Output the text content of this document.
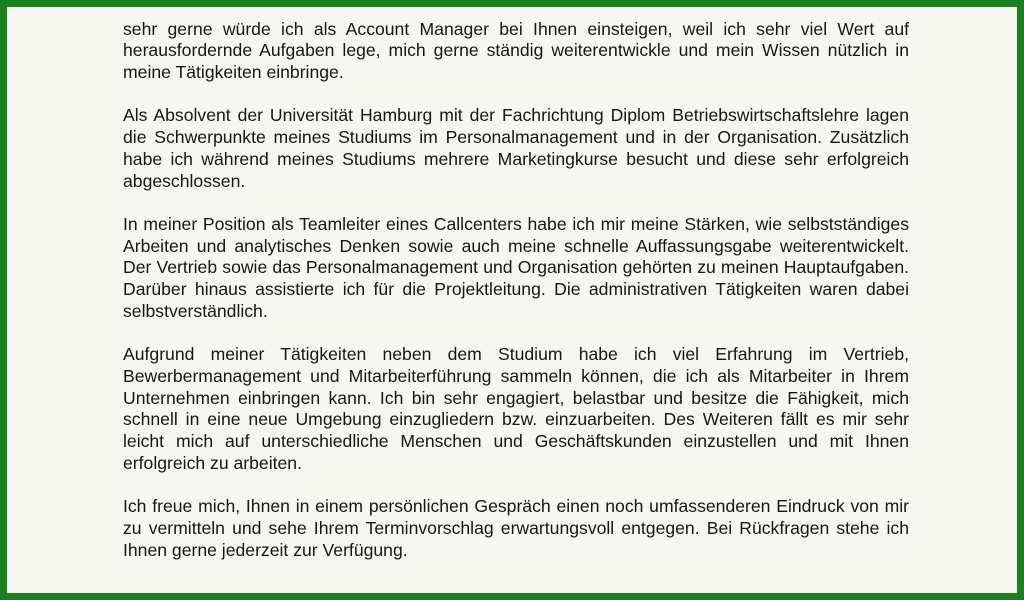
sehr gerne würde ich als Account Manager bei Ihnen einsteigen, weil ich sehr viel Wert auf herausfordernde Aufgaben lege, mich gerne ständig weiterentwickle und mein Wissen nützlich in meine Tätigkeiten einbringe.

Als Absolvent der Universität Hamburg mit der Fachrichtung Diplom Betriebswirtschaftslehre lagen die Schwerpunkte meines Studiums im Personalmanagement und in der Organisation. Zusätzlich habe ich während meines Studiums mehrere Marketingkurse besucht und diese sehr erfolgreich abgeschlossen.

In meiner Position als Teamleiter eines Callcenters habe ich mir meine Stärken, wie selbstständiges Arbeiten und analytisches Denken sowie auch meine schnelle Auffassungsgabe weiterentwickelt. Der Vertrieb sowie das Personalmanagement und Organisation gehörten zu meinen Hauptaufgaben. Darüber hinaus assistierte ich für die Projektleitung. Die administrativen Tätigkeiten waren dabei selbstverständlich.

Aufgrund meiner Tätigkeiten neben dem Studium habe ich viel Erfahrung im Vertrieb, Bewerbermanagement und Mitarbeiterführung sammeln können, die ich als Mitarbeiter in Ihrem Unternehmen einbringen kann. Ich bin sehr engagiert, belastbar und besitze die Fähigkeit, mich schnell in eine neue Umgebung einzugliedern bzw. einzuarbeiten. Des Weiteren fällt es mir sehr leicht mich auf unterschiedliche Menschen und Geschäftskunden einzustellen und mit Ihnen erfolgreich zu arbeiten.

Ich freue mich, Ihnen in einem persönlichen Gespräch einen noch umfassenderen Eindruck von mir zu vermitteln und sehe Ihrem Terminvorschlag erwartungsvoll entgegen. Bei Rückfragen stehe ich Ihnen gerne jederzeit zur Verfügung.
